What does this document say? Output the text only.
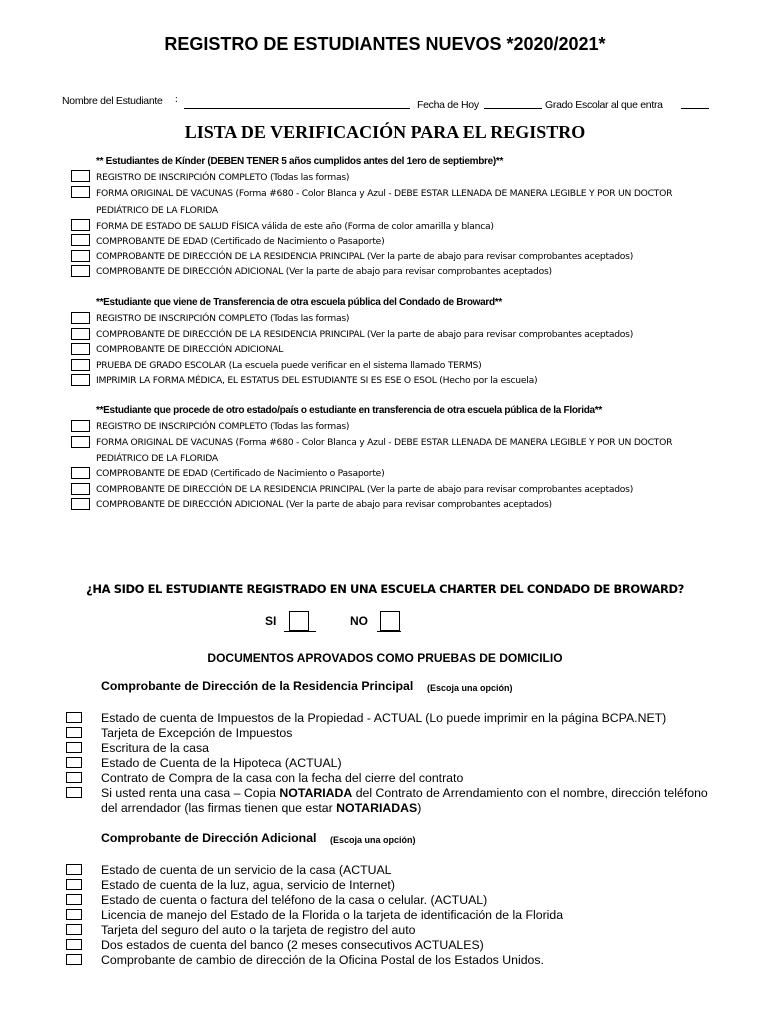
REGISTRO DE ESTUDIANTES NUEVOS *2020/2021*
Nombre del Estudiante :	Fecha de Hoy	Grado Escolar al que entra
LISTA DE VERIFICACIÓN PARA EL REGISTRO
** Estudiantes de Kínder (DEBEN TENER 5 años cumplidos antes del 1ero de septiembre)**
REGISTRO DE INSCRIPCIÓN COMPLETO (Todas las formas)
FORMA ORIGINAL DE VACUNAS (Forma #680 - Color Blanca y Azul - DEBE ESTAR LLENADA DE MANERA LEGIBLE Y POR UN DOCTOR
PEDIÁTRICO DE LA FLORIDA
FORMA DE ESTADO DE SALUD FÍSICA válida de este año (Forma de color amarilla y blanca)
COMPROBANTE DE EDAD (Certificado de Nacimiento o Pasaporte)
COMPROBANTE DE DIRECCIÓN DE LA RESIDENCIA PRINCIPAL (Ver la parte de abajo para revisar comprobantes aceptados)
COMPROBANTE DE DIRECCIÓN ADICIONAL (Ver la parte de abajo para revisar comprobantes aceptados)
**Estudiante que viene de Transferencia de otra escuela pública del Condado de Broward**
REGISTRO DE INSCRIPCIÓN COMPLETO (Todas las formas)
COMPROBANTE DE DIRECCIÓN DE LA RESIDENCIA PRINCIPAL (Ver la parte de abajo para revisar comprobantes aceptados)
COMPROBANTE DE DIRECCIÓN ADICIONAL
PRUEBA DE GRADO ESCOLAR (La escuela puede verificar en el sistema llamado TERMS)
IMPRIMIR LA FORMA MÉDICA, EL ESTATUS DEL ESTUDIANTE SI ES ESE O ESOL (Hecho por la escuela)
**Estudiante que procede de otro estado/país o estudiante en transferencia de otra escuela pública de la Florida**
REGISTRO DE INSCRIPCIÓN COMPLETO (Todas las formas)
FORMA ORIGINAL DE VACUNAS (Forma #680 - Color Blanca y Azul - DEBE ESTAR LLENADA DE MANERA LEGIBLE Y POR UN DOCTOR
PEDIÁTRICO DE LA FLORIDA
COMPROBANTE DE EDAD (Certificado de Nacimiento o Pasaporte)
COMPROBANTE DE DIRECCIÓN DE LA RESIDENCIA PRINCIPAL (Ver la parte de abajo para revisar comprobantes aceptados)
COMPROBANTE DE DIRECCIÓN ADICIONAL (Ver la parte de abajo para revisar comprobantes aceptados)
¿HA SIDO EL ESTUDIANTE REGISTRADO EN UNA ESCUELA CHARTER DEL CONDADO DE BROWARD?
SI	NO
DOCUMENTOS APROVADOS COMO PRUEBAS DE DOMICILIO
Comprobante de Dirección de la Residencia Principal (Escoja una opción)
Estado de cuenta de Impuestos de la Propiedad - ACTUAL (Lo puede imprimir en la página BCPA.NET)
Tarjeta de Excepción de Impuestos
Escritura de la casa
Estado de Cuenta de la Hipoteca (ACTUAL)
Contrato de Compra de la casa con la fecha del cierre del contrato
Si usted renta una casa – Copia NOTARIADA del Contrato de Arrendamiento con el nombre, dirección teléfono
del arrendador (las firmas tienen que estar NOTARIADAS)
Comprobante de Dirección Adicional (Escoja una opción)
Estado de cuenta de un servicio de la casa (ACTUAL
Estado de cuenta de la luz, agua, servicio de Internet)
Estado de cuenta o factura del teléfono de la casa o celular. (ACTUAL)
Licencia de manejo del Estado de la Florida o la tarjeta de identificación de la Florida
Tarjeta del seguro del auto o la tarjeta de registro del auto
Dos estados de cuenta del banco (2 meses consecutivos ACTUALES)
Comprobante de cambio de dirección de la Oficina Postal de los Estados Unidos.
